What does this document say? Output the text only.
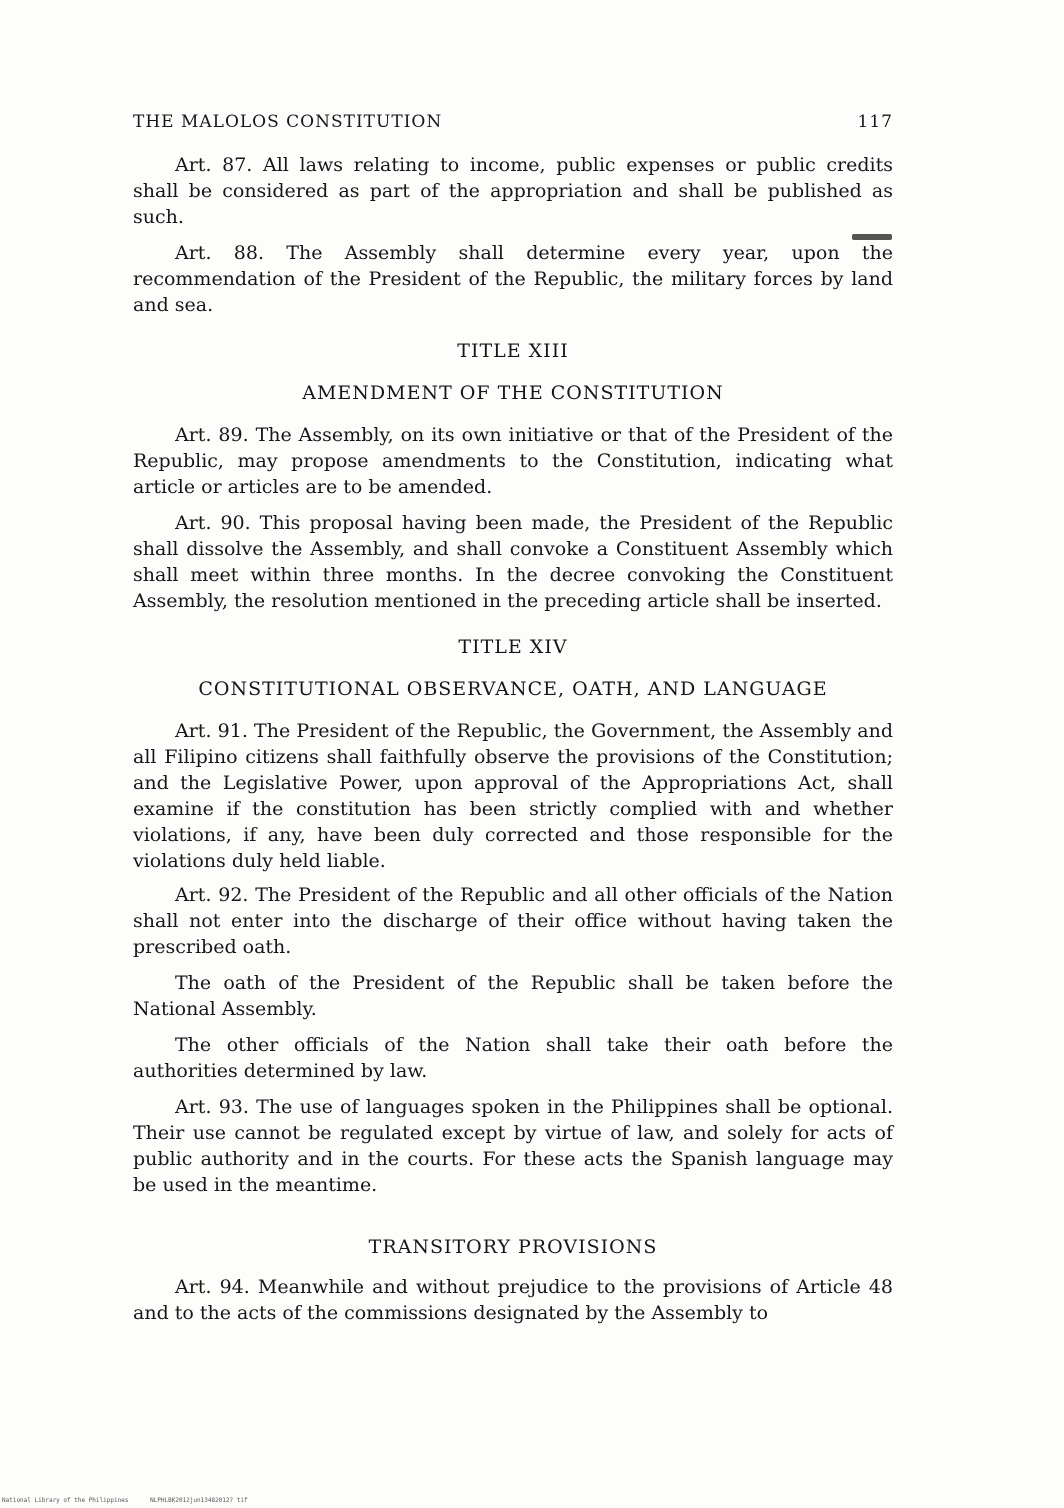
THE MALOLOS CONSTITUTION	117

Art. 87. All laws relating to income, public expenses or public credits shall be considered as part of the appropriation and shall be published as such.

Art. 88. The Assembly shall determine every year, upon the recommendation of the President of the Republic, the military forces by land and sea.

TITLE XIII
AMENDMENT OF THE CONSTITUTION

Art. 89. The Assembly, on its own initiative or that of the President of the Republic, may propose amendments to the Constitution, indicating what article or articles are to be amended.

Art. 90. This proposal having been made, the President of the Republic shall dissolve the Assembly, and shall convoke a Constituent Assembly which shall meet within three months. In the decree convoking the Constituent Assembly, the resolution mentioned in the preceding article shall be inserted.

TITLE XIV
CONSTITUTIONAL OBSERVANCE, OATH, AND LANGUAGE

Art. 91. The President of the Republic, the Government, the Assembly and all Filipino citizens shall faithfully observe the provisions of the Constitution; and the Legislative Power, upon approval of the Appropriations Act, shall examine if the constitution has been strictly complied with and whether violations, if any, have been duly corrected and those responsible for the violations duly held liable.

Art. 92. The President of the Republic and all other officials of the Nation shall not enter into the discharge of their office without having taken the prescribed oath.

The oath of the President of the Republic shall be taken before the National Assembly.

The other officials of the Nation shall take their oath before the authorities determined by law.

Art. 93. The use of languages spoken in the Philippines shall be optional. Their use cannot be regulated except by virtue of law, and solely for acts of public authority and in the courts. For these acts the Spanish language may be used in the meantime.

TRANSITORY PROVISIONS

Art. 94. Meanwhile and without prejudice to the provisions of Article 48 and to the acts of the commissions designated by the Assembly to

National Library of the Philippines	NLPHLBK2012jun13482012? tif
